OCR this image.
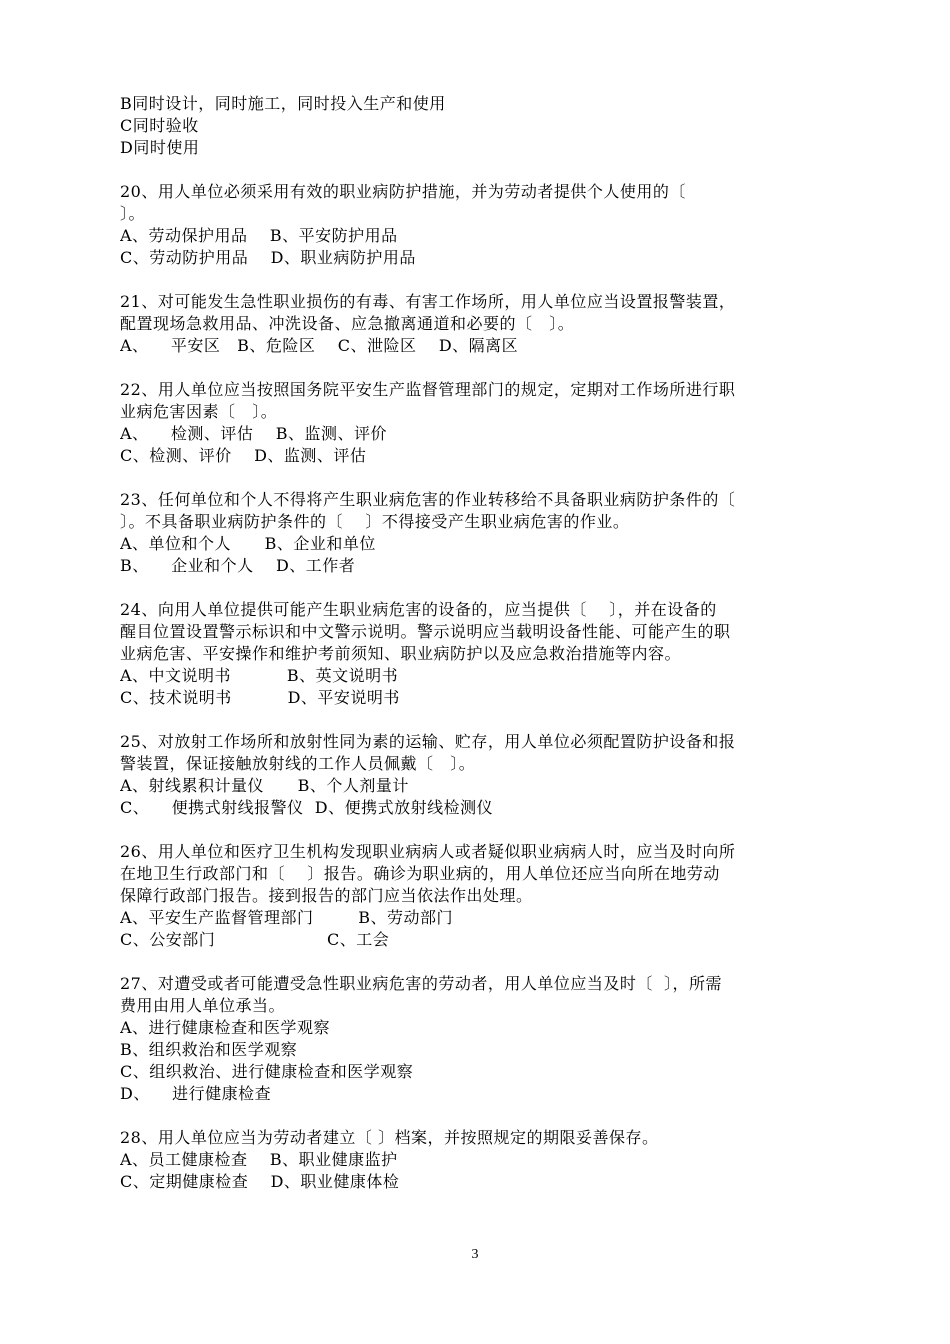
B同时设计，同时施工，同时投入生产和使用
C同时验收
D同时使用
20、用人单位必须采用有效的职业病防护措施，并为劳动者提供个人使用的〔
〕。
A、劳动保护用品    B、平安防护用品
C、劳动防护用品    D、职业病防护用品
21、对可能发生急性职业损伤的有毒、有害工作场所，用人单位应当设置报警装置，
配置现场急救用品、冲洗设备、应急撤离通道和必要的〔   〕。
A、    平安区   B、危险区    C、泄险区    D、隔离区
22、用人单位应当按照国务院平安生产监督管理部门的规定，定期对工作场所进行职
业病危害因素〔   〕。
A、    检测、评估    B、监测、评价
C、检测、评价    D、监测、评估
23、任何单位和个人不得将产生职业病危害的作业转移给不具备职业病防护条件的〔
〕。不具备职业病防护条件的〔    〕不得接受产生职业病危害的作业。
A、单位和个人      B、企业和单位
B、    企业和个人    D、工作者
24、向用人单位提供可能产生职业病危害的设备的，应当提供〔    〕，并在设备的
醒目位置设置警示标识和中文警示说明。警示说明应当载明设备性能、可能产生的职
业病危害、平安操作和维护考前须知、职业病防护以及应急救治措施等内容。
A、中文说明书          B、英文说明书
C、技术说明书          D、平安说明书
25、对放射工作场所和放射性同为素的运输、贮存，用人单位必须配置防护设备和报
警装置，保证接触放射线的工作人员佩戴〔   〕。
A、射线累积计量仪      B、个人剂量计
C、    便携式射线报警仪  D、便携式放射线检测仪
26、用人单位和医疗卫生机构发现职业病病人或者疑似职业病病人时，应当及时向所
在地卫生行政部门和〔    〕报告。确诊为职业病的，用人单位还应当向所在地劳动
保障行政部门报告。接到报告的部门应当依法作出处理。
A、平安生产监督管理部门        B、劳动部门
C、公安部门                    C、工会
27、对遭受或者可能遭受急性职业病危害的劳动者，用人单位应当及时〔  〕，所需
费用由用人单位承当。
A、进行健康检查和医学观察
B、组织救治和医学观察
C、组织救治、进行健康检查和医学观察
D、    进行健康检查
28、用人单位应当为劳动者建立〔 〕档案，并按照规定的期限妥善保存。
A、员工健康检查    B、职业健康监护
C、定期健康检查    D、职业健康体检
3
